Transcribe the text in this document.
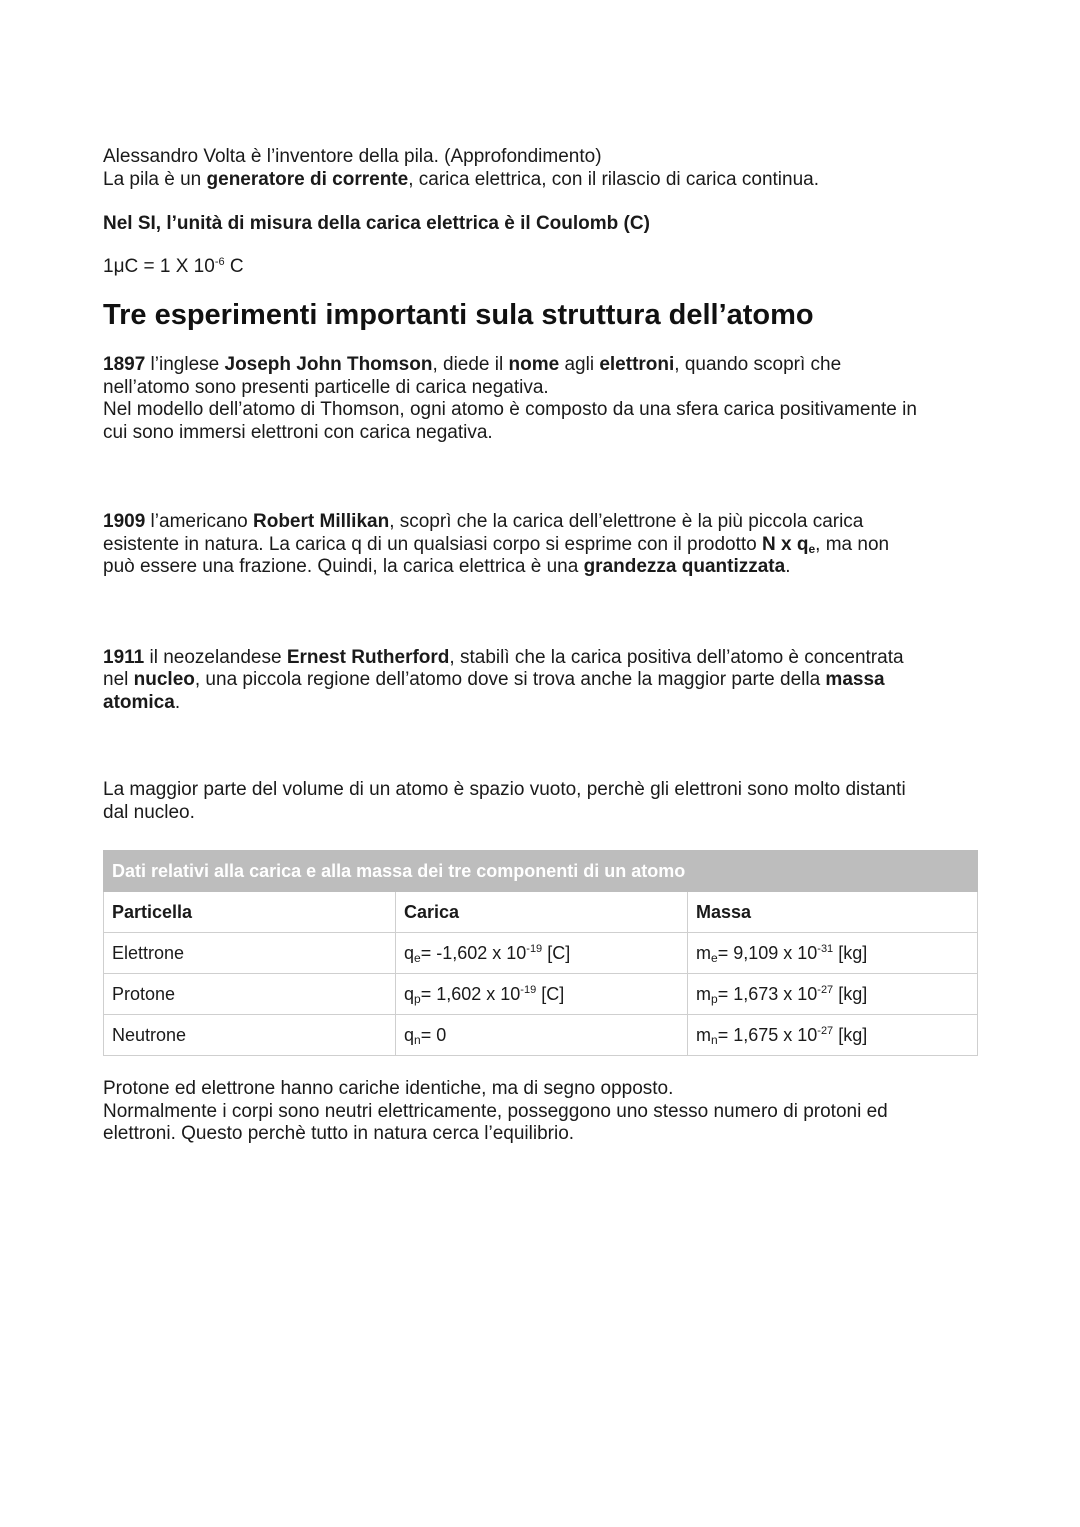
Alessandro Volta è l’inventore della pila. (Approfondimento)

La pila è un generatore di corrente, carica elettrica, con il rilascio di carica continua.

Nel SI, l’unità di misura della carica elettrica è il Coulomb (C)

1μC = 1 X $10^{-6}$ C

Tre esperimenti importanti sula struttura dell’atomo

1897 l’inglese Joseph John Thomson, diede il nome agli elettroni, quando scoprì che

nell’atomo sono presenti particelle di carica negativa.

Nel modello dell’atomo di Thomson, ogni atomo è composto da una sfera carica positivamente in

cui sono immersi elettroni con carica negativa.

1909 l’americano Robert Millikan, scoprì che la carica dell’elettrone è la più piccola carica

esistente in natura. La carica q di un qualsiasi corpo si esprime con il prodotto N x $q_e$, ma non

può essere una frazione. Quindi, la carica elettrica è una grandezza quantizzata.

1911 il neozelandese Ernest Rutherford, stabilì che la carica positiva dell’atomo è concentrata

nel nucleo, una piccola regione dell’atomo dove si trova anche la maggior parte della massa

atomica.

La maggior parte del volume di un atomo è spazio vuoto, perchè gli elettroni sono molto distanti

dal nucleo.

Dati relativi alla carica e alla massa dei tre componenti di un atomo		
Particella	Carica	Massa
Elettrone	$q_e= -1,602$ x $10^{-19}$ [C]	$m_e= 9,109$ x $10^{-31}$ [kg]
Protone	$q_p= 1,602$ x $10^{-19}$ [C]	$m_p= 1,673$ x $10^{-27}$ [kg]
Neutrone	$q_n= 0$	$m_n= 1,675$ x $10^{-27}$ [kg]

Protone ed elettrone hanno cariche identiche, ma di segno opposto.

Normalmente i corpi sono neutri elettricamente, posseggono uno stesso numero di protoni ed

elettroni. Questo perchè tutto in natura cerca l’equilibrio.
